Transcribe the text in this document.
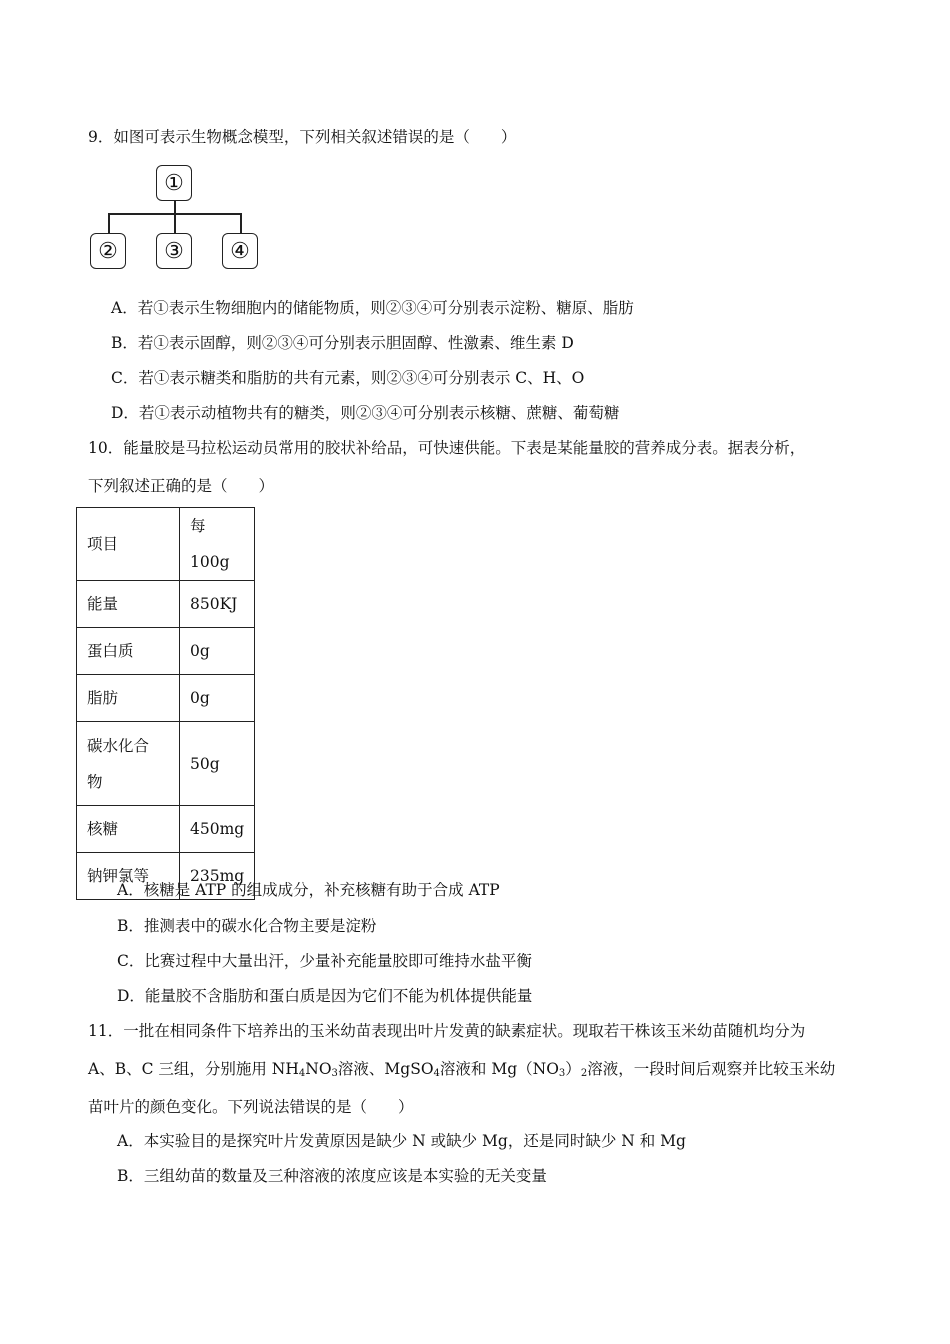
9．如图可表示生物概念模型，下列相关叙述错误的是（　　）
①
②	③	④
A．若①表示生物细胞内的储能物质，则②③④可分别表示淀粉、糖原、脂肪
B．若①表示固醇，则②③④可分别表示胆固醇、性激素、维生素 D
C．若①表示糖类和脂肪的共有元素，则②③④可分别表示 C、H、O
D．若①表示动植物共有的糖类，则②③④可分别表示核糖、蔗糖、葡萄糖
10．能量胶是马拉松运动员常用的胶状补给品，可快速供能。下表是某能量胶的营养成分表。据表分析，
下列叙述正确的是（　　）
项目	每 100g
能量	850KJ
蛋白质	0g
脂肪	0g

碳水化合
物	50g
核糖	450mg
钠钾氯等	235mg
A．核糖是 ATP 的组成成分，补充核糖有助于合成 ATP
B．推测表中的碳水化合物主要是淀粉
C．比赛过程中大量出汗，少量补充能量胶即可维持水盐平衡
D．能量胶不含脂肪和蛋白质是因为它们不能为机体提供能量
11．一批在相同条件下培养出的玉米幼苗表现出叶片发黄的缺素症状。现取若干株该玉米幼苗随机均分为
A、B、C 三组，分别施用 $NH_4NO_3$溶液、MgSO$_4$溶液和 $Mg(NO_3)_2$溶液，一段时间后观察并比较玉米幼
苗叶片的颜色变化。下列说法错误的是（　　）
A．本实验目的是探究叶片发黄原因是缺少 N 或缺少 Mg，还是同时缺少 N 和 Mg
B．三组幼苗的数量及三种溶液的浓度应该是本实验的无关变量
